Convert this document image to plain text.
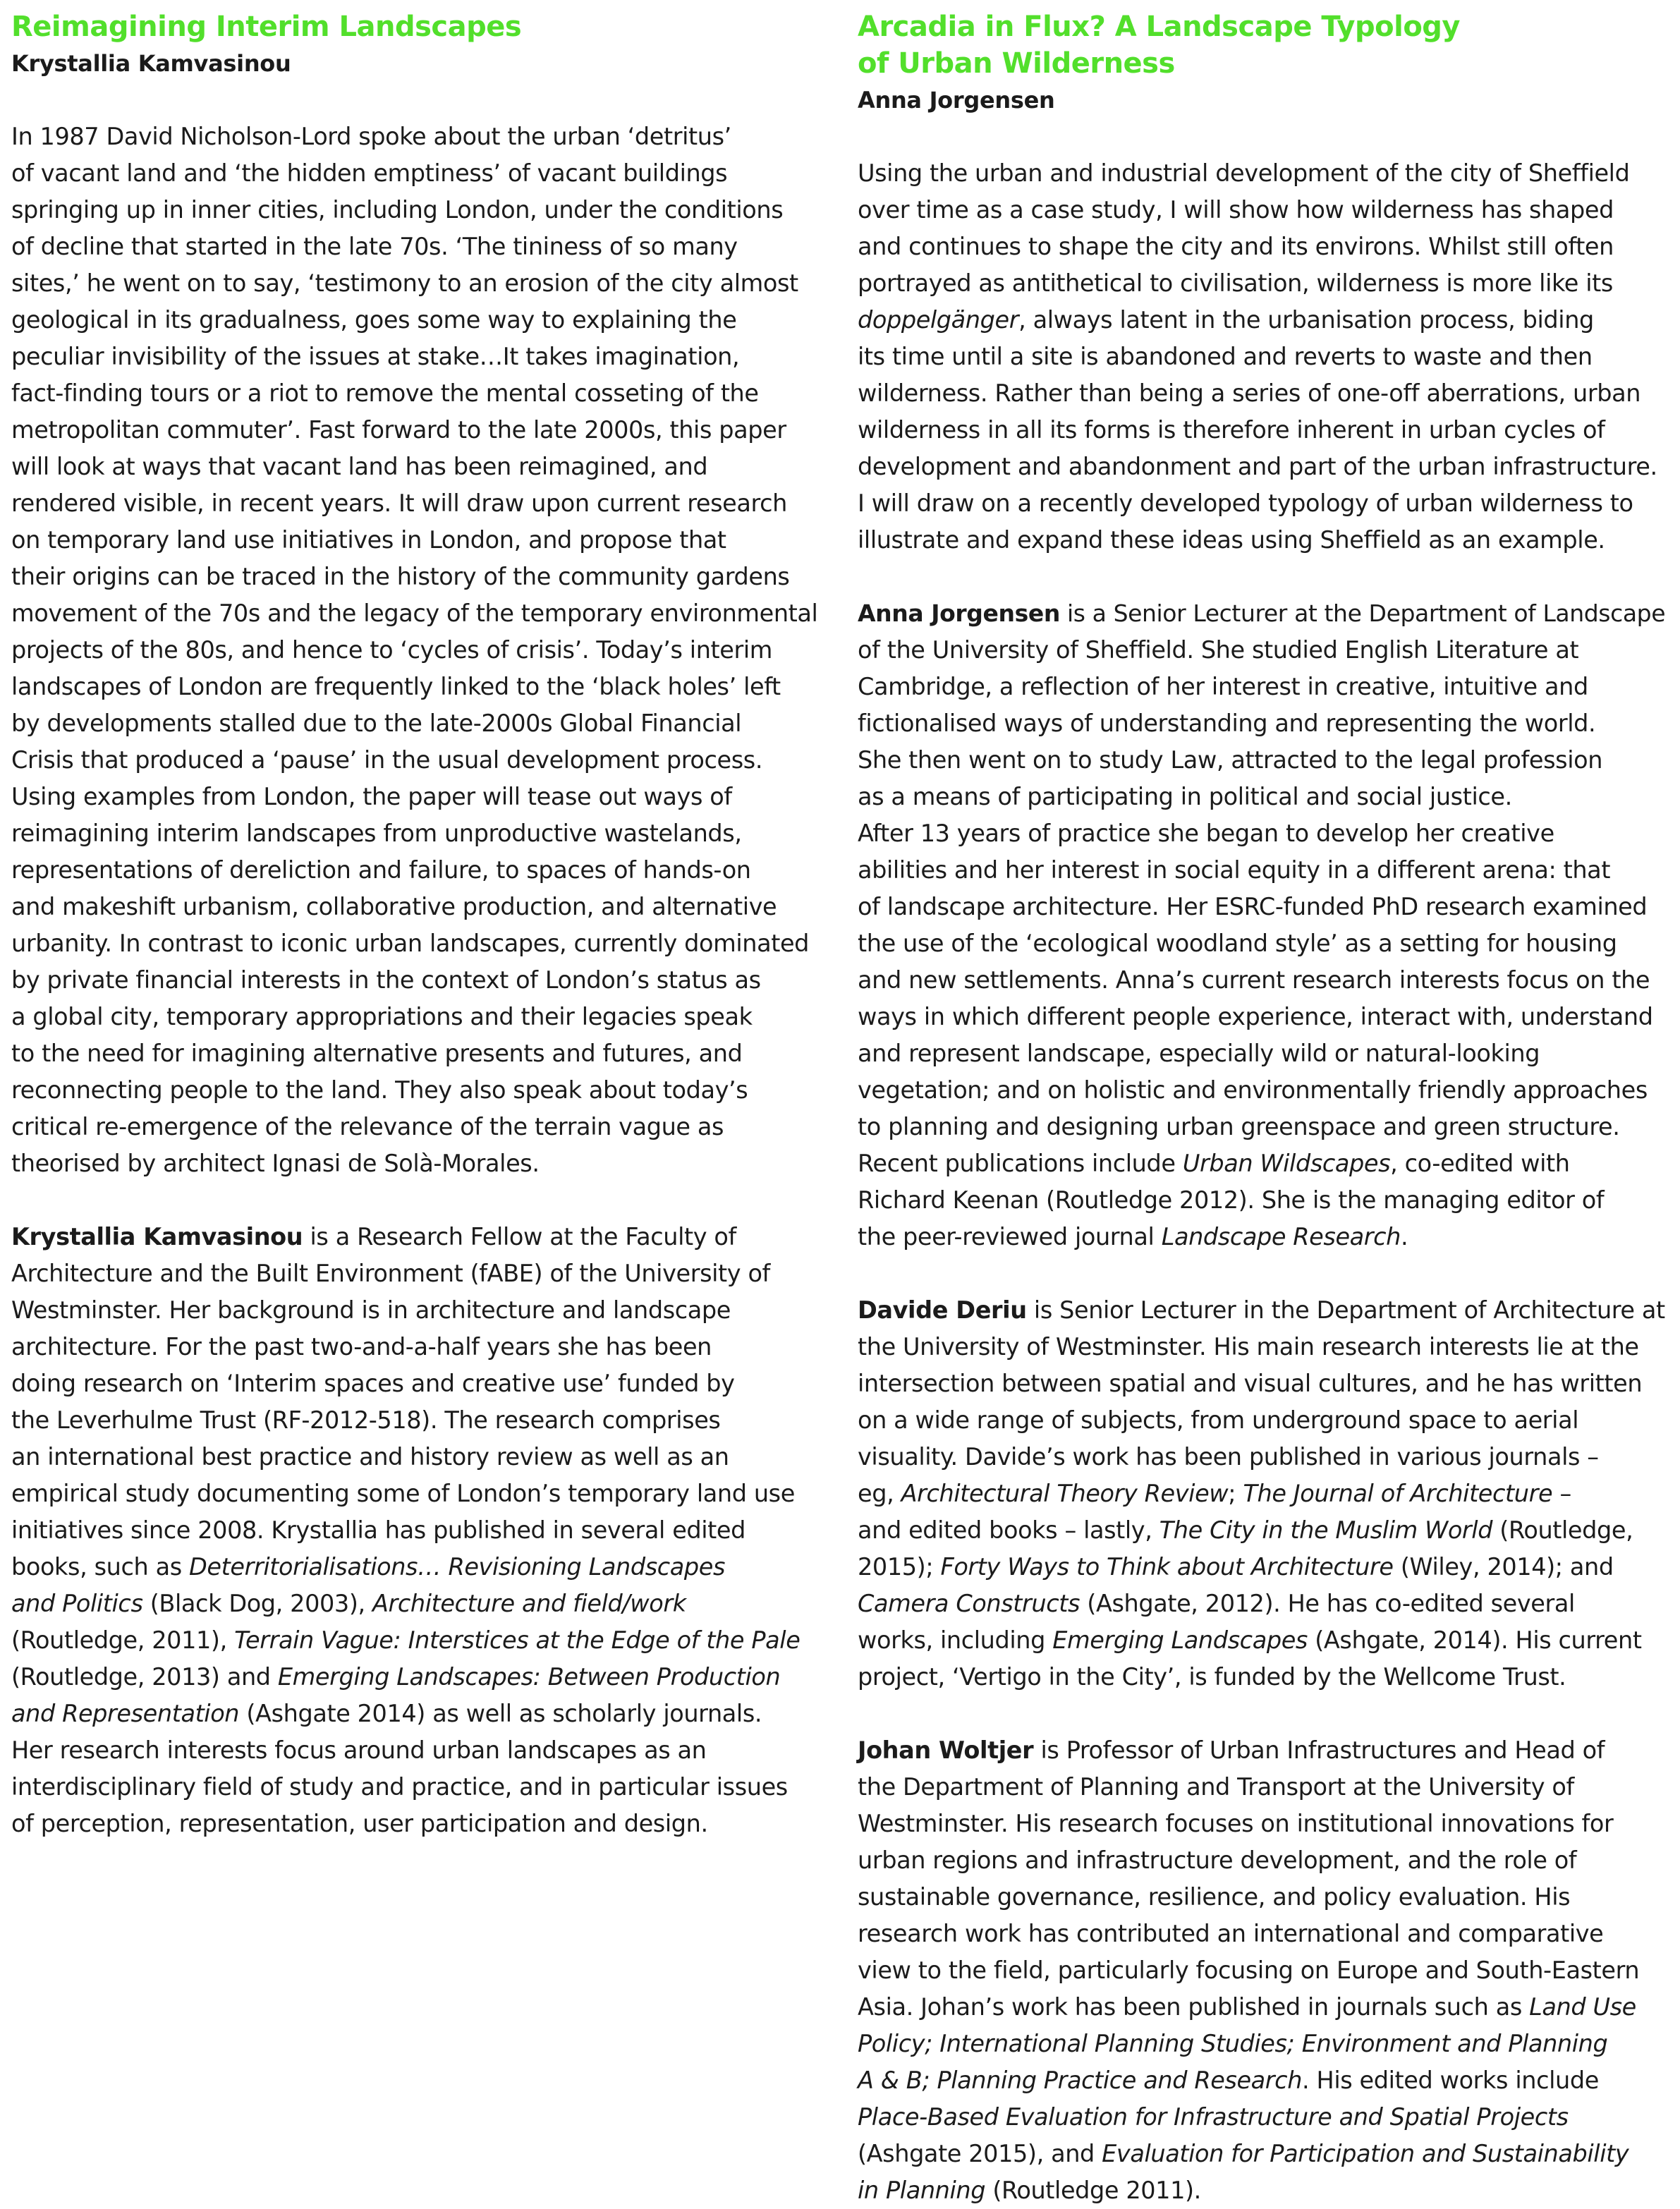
Reimagining Interim Landscapes
Krystallia Kamvasinou
In 1987 David Nicholson-Lord spoke about the urban ‘detritus’
of vacant land and ‘the hidden emptiness’ of vacant buildings
springing up in inner cities, including London, under the conditions
of decline that started in the late 70s. ‘The tininess of so many
sites,’ he went on to say, ‘testimony to an erosion of the city almost
geological in its gradualness, goes some way to explaining the
peculiar invisibility of the issues at stake…It takes imagination,
fact-finding tours or a riot to remove the mental cosseting of the
metropolitan commuter’. Fast forward to the late 2000s, this paper
will look at ways that vacant land has been reimagined, and
rendered visible, in recent years. It will draw upon current research
on temporary land use initiatives in London, and propose that
their origins can be traced in the history of the community gardens
movement of the 70s and the legacy of the temporary environmental
projects of the 80s, and hence to ‘cycles of crisis’. Today’s interim
landscapes of London are frequently linked to the ‘black holes’ left
by developments stalled due to the late-2000s Global Financial
Crisis that produced a ‘pause’ in the usual development process.
Using examples from London, the paper will tease out ways of
reimagining interim landscapes from unproductive wastelands,
representations of dereliction and failure, to spaces of hands-on
and makeshift urbanism, collaborative production, and alternative
urbanity. In contrast to iconic urban landscapes, currently dominated
by private financial interests in the context of London’s status as
a global city, temporary appropriations and their legacies speak
to the need for imagining alternative presents and futures, and
reconnecting people to the land. They also speak about today’s
critical re-emergence of the relevance of the terrain vague as
theorised by architect Ignasi de Solà-Morales.
Krystallia Kamvasinou is a Research Fellow at the Faculty of
Architecture and the Built Environment (fABE) of the University of
Westminster. Her background is in architecture and landscape
architecture. For the past two-and-a-half years she has been
doing research on ‘Interim spaces and creative use’ funded by
the Leverhulme Trust (RF-2012-518). The research comprises
an international best practice and history review as well as an
empirical study documenting some of London’s temporary land use
initiatives since 2008. Krystallia has published in several edited
books, such as Deterritorialisations… Revisioning Landscapes
and Politics (Black Dog, 2003), Architecture and field/work
(Routledge, 2011), Terrain Vague: Interstices at the Edge of the Pale
(Routledge, 2013) and Emerging Landscapes: Between Production
and Representation (Ashgate 2014) as well as scholarly journals.
Her research interests focus around urban landscapes as an
interdisciplinary field of study and practice, and in particular issues
of perception, representation, user participation and design.
Arcadia in Flux? A Landscape Typology
of Urban Wilderness
Anna Jorgensen
Using the urban and industrial development of the city of Sheffield
over time as a case study, I will show how wilderness has shaped
and continues to shape the city and its environs. Whilst still often
portrayed as antithetical to civilisation, wilderness is more like its
doppelgänger, always latent in the urbanisation process, biding
its time until a site is abandoned and reverts to waste and then
wilderness. Rather than being a series of one-off aberrations, urban
wilderness in all its forms is therefore inherent in urban cycles of
development and abandonment and part of the urban infrastructure.
I will draw on a recently developed typology of urban wilderness to
illustrate and expand these ideas using Sheffield as an example.
Anna Jorgensen is a Senior Lecturer at the Department of Landscape
of the University of Sheffield. She studied English Literature at
Cambridge, a reflection of her interest in creative, intuitive and
fictionalised ways of understanding and representing the world.
She then went on to study Law, attracted to the legal profession
as a means of participating in political and social justice.
After 13 years of practice she began to develop her creative
abilities and her interest in social equity in a different arena: that
of landscape architecture. Her ESRC-funded PhD research examined
the use of the ‘ecological woodland style’ as a setting for housing
and new settlements. Anna’s current research interests focus on the
ways in which different people experience, interact with, understand
and represent landscape, especially wild or natural-looking
vegetation; and on holistic and environmentally friendly approaches
to planning and designing urban greenspace and green structure.
Recent publications include Urban Wildscapes, co-edited with
Richard Keenan (Routledge 2012). She is the managing editor of
the peer-reviewed journal Landscape Research.
Davide Deriu is Senior Lecturer in the Department of Architecture at
the University of Westminster. His main research interests lie at the
intersection between spatial and visual cultures, and he has written
on a wide range of subjects, from underground space to aerial
visuality. Davide’s work has been published in various journals –
eg, Architectural Theory Review; The Journal of Architecture –
and edited books – lastly, The City in the Muslim World (Routledge,
2015); Forty Ways to Think about Architecture (Wiley, 2014); and
Camera Constructs (Ashgate, 2012). He has co-edited several
works, including Emerging Landscapes (Ashgate, 2014). His current
project, ‘Vertigo in the City’, is funded by the Wellcome Trust.
Johan Woltjer is Professor of Urban Infrastructures and Head of
the Department of Planning and Transport at the University of
Westminster. His research focuses on institutional innovations for
urban regions and infrastructure development, and the role of
sustainable governance, resilience, and policy evaluation. His
research work has contributed an international and comparative
view to the field, particularly focusing on Europe and South-Eastern
Asia. Johan’s work has been published in journals such as Land Use
Policy; International Planning Studies; Environment and Planning
A & B; Planning Practice and Research. His edited works include
Place-Based Evaluation for Infrastructure and Spatial Projects
(Ashgate 2015), and Evaluation for Participation and Sustainability
in Planning (Routledge 2011).
